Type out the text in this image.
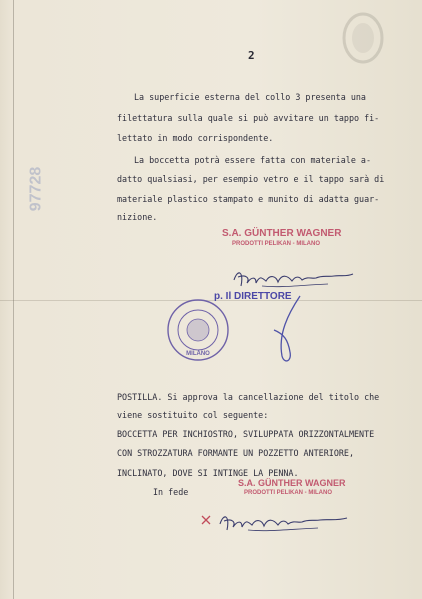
97728
2
La superficie esterna del collo 3 presenta una
filettatura sulla quale si può avvitare un tappo fi-
lettato in modo corrispondente.
La boccetta potrà essere fatta con materiale a-
datto qualsiasi, per esempio vetro e il tappo sarà di
materiale plastico stampato e munito di adatta guar-
nizione.
S.A. GÜNTHER WAGNER
PRODOTTI PELIKAN - MILANO
p. Il DIRETTORE
MILANO
POSTILLA. Si approva la cancellazione del titolo che
viene sostituito col seguente:
BOCCETTA PER INCHIOSTRO, SVILUPPATA ORIZZONTALMENTE
CON STROZZATURA FORMANTE UN POZZETTO ANTERIORE,
INCLINATO, DOVE SI INTINGE LA PENNA.
S.A. GÜNTHER WAGNER
PRODOTTI PELIKAN - MILANO
In fede
